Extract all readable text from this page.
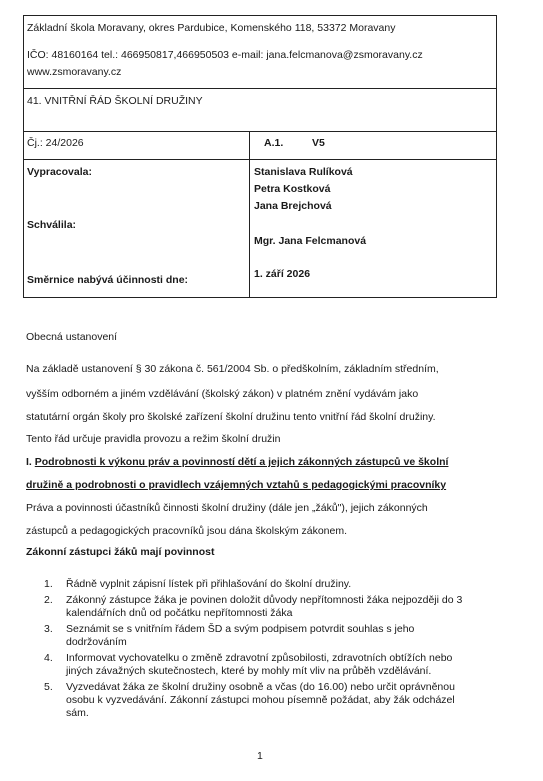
Základní škola Moravany, okres Pardubice, Komenského 118, 53372 Moravany
IČO: 48160164 tel.: 466950817,466950503 e-mail: jana.felcmanova@zsmoravany.cz
www.zsmoravany.cz
41. VNITŘNÍ ŘÁD ŠKOLNÍ DRUŽINY
Čj.: 24/2026	A.1.	V5
Vypracovala:
Schválila:
Směrnice nabývá účinnosti dne:
Stanislava Rulíková
Petra Kostková
Jana Brejchová
Mgr. Jana Felcmanová
1. září 2026
Obecná ustanovení
Na základě ustanovení § 30 zákona č. 561/2004 Sb. o předškolním, základním středním,
vyšším odborném a jiném vzdělávání (školský zákon) v platném znění vydávám jako
statutární orgán školy pro školské zařízení školní družinu tento vnitřní řád školní družiny.
Tento řád určuje pravidla provozu a režim školní družin
I. Podrobnosti k výkonu práv a povinností dětí a jejich zákonných zástupců ve školní
družině a podrobnosti o pravidlech vzájemných vztahů s pedagogickými pracovníky
Práva a povinnosti účastníků činnosti školní družiny (dále jen „žáků"), jejich zákonných
zástupců a pedagogických pracovníků jsou dána školským zákonem.
Zákonní zástupci žáků mají povinnost
1. Řádně vyplnit zápisní lístek při přihlašování do školní družiny.
2. Zákonný zástupce žáka je povinen doložit důvody nepřítomnosti žáka nejpozději do 3
kalendářních dnů od počátku nepřítomnosti žáka
3. Seznámit se s vnitřním řádem ŠD a svým podpisem potvrdit souhlas s jeho
dodržováním
4. Informovat vychovatelku o změně zdravotní způsobilosti, zdravotních obtížích nebo
jiných závažných skutečnostech, které by mohly mít vliv na průběh vzdělávání.
5. Vyzvedávat žáka ze školní družiny osobně a včas (do 16.00) nebo určit oprávněnou
osobu k vyzvedávání. Zákonní zástupci mohou písemně požádat, aby žák odcházel
sám.
1
